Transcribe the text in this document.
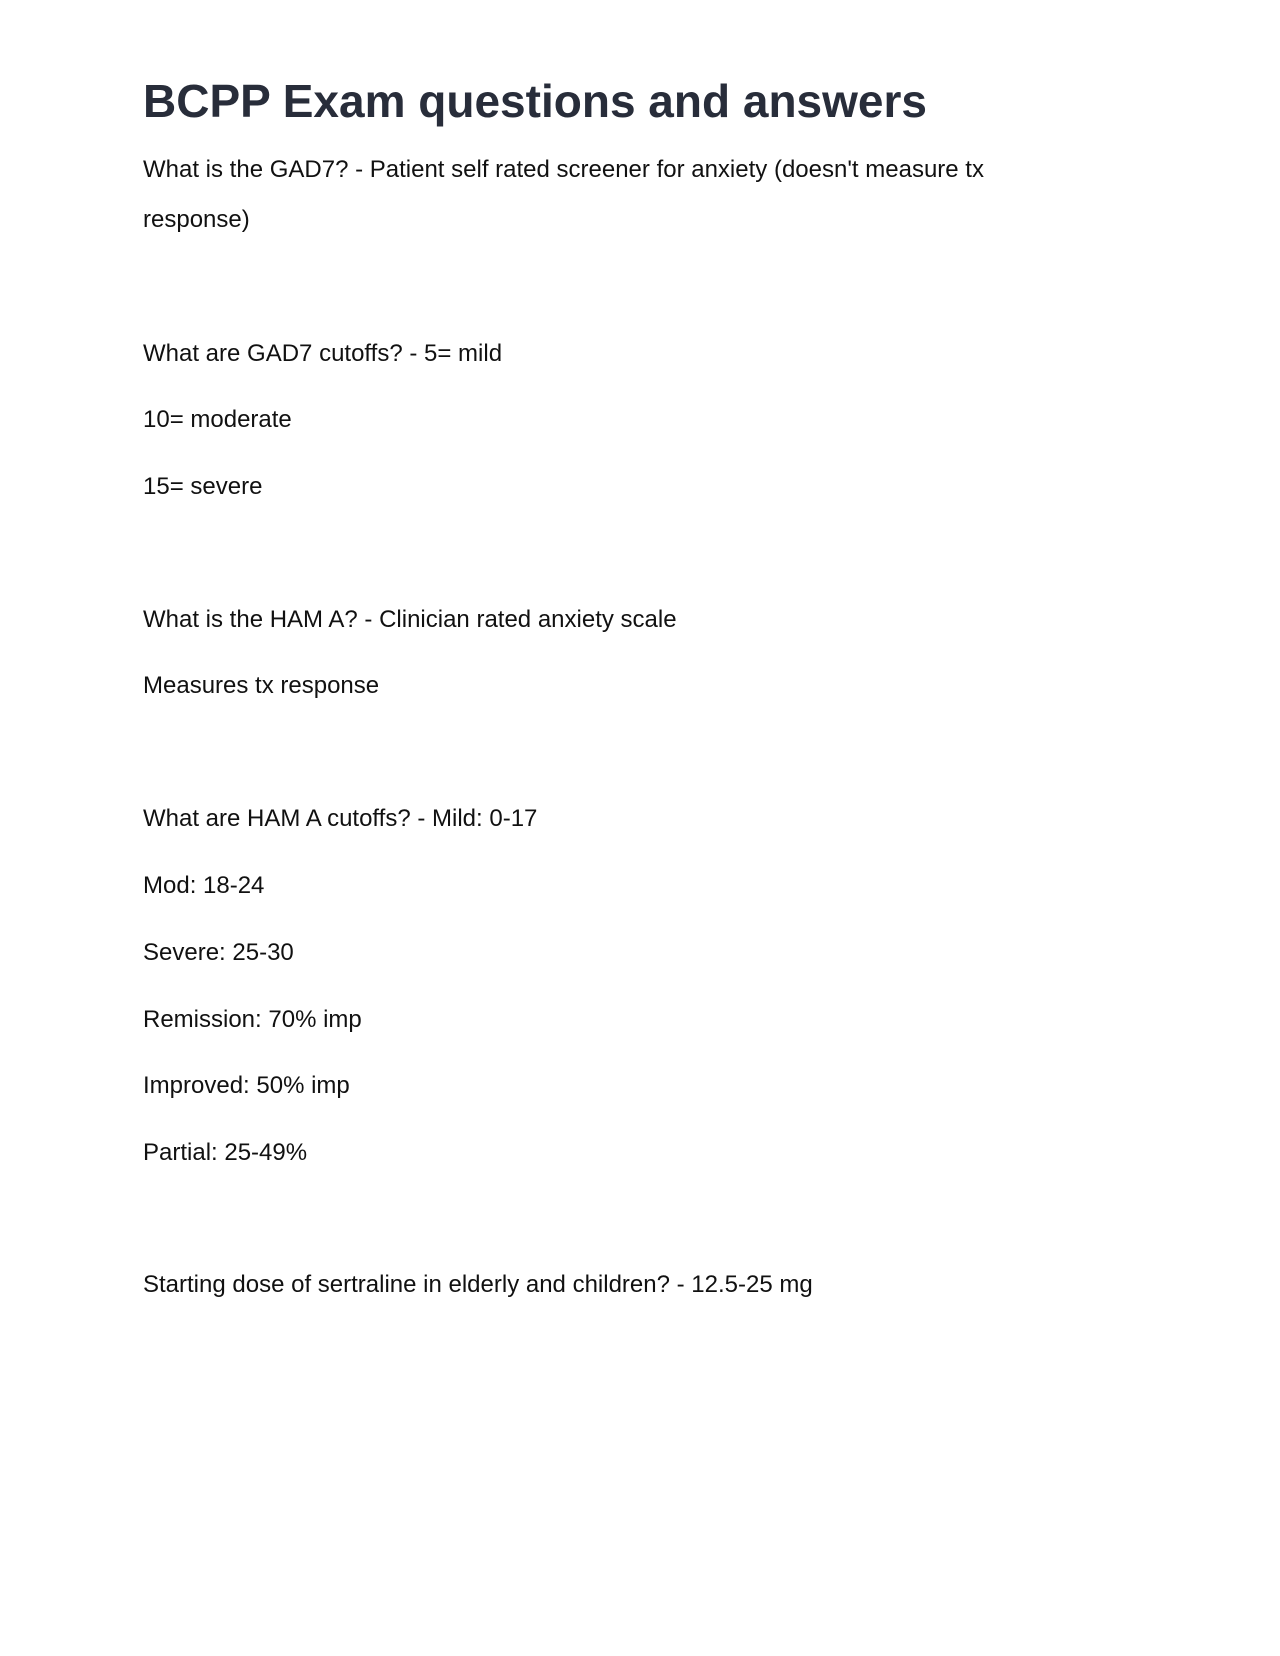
BCPP Exam questions and answers

What is the GAD7? - Patient self rated screener for anxiety (doesn't measure tx

response)

What are GAD7 cutoffs? - 5= mild

10= moderate

15= severe

What is the HAM A? - Clinician rated anxiety scale

Measures tx response

What are HAM A cutoffs? - Mild: 0-17

Mod: 18-24

Severe: 25-30

Remission: 70% imp

Improved: 50% imp

Partial: 25-49%

Starting dose of sertraline in elderly and children? - 12.5-25 mg
